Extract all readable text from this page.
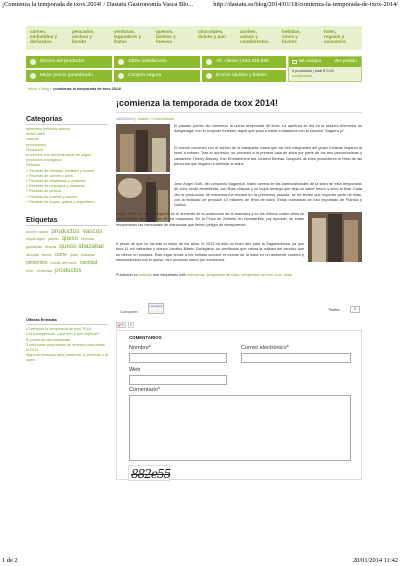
¡Comienza la temporada de txox 2014! / Dastatu Gastronomía Vasca Blo...	http://dastatu.es/blog/2014/01/18/comienza-la-temporada-de-txox-2014/
carnes,
embutidos y
derivados
pescados,
anchoa y
bonito
verduras,
legumbres y
frutas
quesos,
lácteos y
huevos
chocolates,
dulces y pan
aceites,
salsas y
condimentos
bebidas,
vinos y
licores
lotes,
regalos y
souvenirs
Directo del productor	100% satisfacción	Alt. cliente | 943 226 830
Mejor precio garantizado	Compra segura	Envíos rápidos y fiables
Mi compra	Ver pedido
0 productos | total € 0,00
condiciones
Inicio » Blog » ¡comienza la temporada de txox 2014!
¡comienza la temporada de txox 2014!
Categorías
alimentos selectos vascos
euskó label
noticias
productores
Productos
productos con denominación de origen
productos ecológicos
Recetas
» Recetas de bebidas, cócteles y licores
» Recetas de carnes y aves
» Recetas de ensaladas y verduras
» Recetas de pescados y mariscos
» Recetas de pintxos
» Recetas de postres y dulces
» Recetas de sopas, guisos y legumbres
Etiquetas
aceite vasco productos vascos espárragos jamón queso huevos guindillas receta queso idiazabal alubias berza carne pollo bacalao pimientos bonito del norte navidad vino verduras productos
Últimas Entradas
¡Comienza la temporada de txox 2014!
Los transgénicos, ¿qué son y qué implican?
El poder de las manzanas
3 deliciosas propuestas de invierno para iniciar el 2014
Algunos consejos para preservar el pescado y la carne
18/01/2014 | Joseán | 0 comentarios
El pasado jueves dio comienzo la nueva temporada de txotx. La apertura se dio en la sidrería Alorrenea de Astigarraga, con el conjunto Kelakan, aquél que puso a bailar a Madonna con la canción "Sagarra jo".
El evento comenzó con el sonido de la txalaparta, hasta que los tres integrantes del grupo Kelakan llegaron al tonel a extraer. Tras el aurresku, se procedió a la primera cata de sidra por parte de los tres percusionistas y cantantes: Thierry Biscary, Xan Errotabehere eta Jonbeni Bereau. Después de ellos procedieron el resto de las personas que llegaron a disfrutar la sidra.
Jose Ángel Goñi, del consorcio Sagardun, habló acerca de las particularidades de la sidra de esta temporada: de color verde-amarillenta, con finas chispas y un toque amargo que deja un sabor fresco y seco al final. Cada vez la producción de manzana fue escasa en la primavera pasada, se ha tenido que importar parte de ellas, con la finalidad de producir 10 millones de litros de sidra. Estas manzanas se han importado de Francia y Galicia.
Según Goñi, se está trabajando en el aumento de la producción de la manzana y en los últimos cuatro años se han plantado alrededor de 60 mil manzanos. En la Finca de Zubieta, en Hondarribia, por ejemplo, se están recuperando las variedades de manzanas que tienen peligro de desaparecer.
A pesar de que no ha sido el mejor de los años, el 2013 ha sido un buen año para la Sagardoetxea, ya que tuvo 11 mil visitantes y obtuvo Urrutiko Bitarin Zuriagaina, un certificado que valora la calidad del servicio que se ofrece en euskara. Este lugar chose a los turistas conocer el mundo de la sidra en un ambiente cordero y relacionándola con el queso, otro producto vasco por excelencia.
Publicado en noticias and etiquetado with manzanas, temporada de sidra, temporada de txox, txox, sidra
Compartir:
Compartir
Twitter	0
g+1	0
COMENTARIOS
Nombre*	Correo electrónico*
Web
Comentario*
882e55
1 de 2	20/01/2014 11:42
